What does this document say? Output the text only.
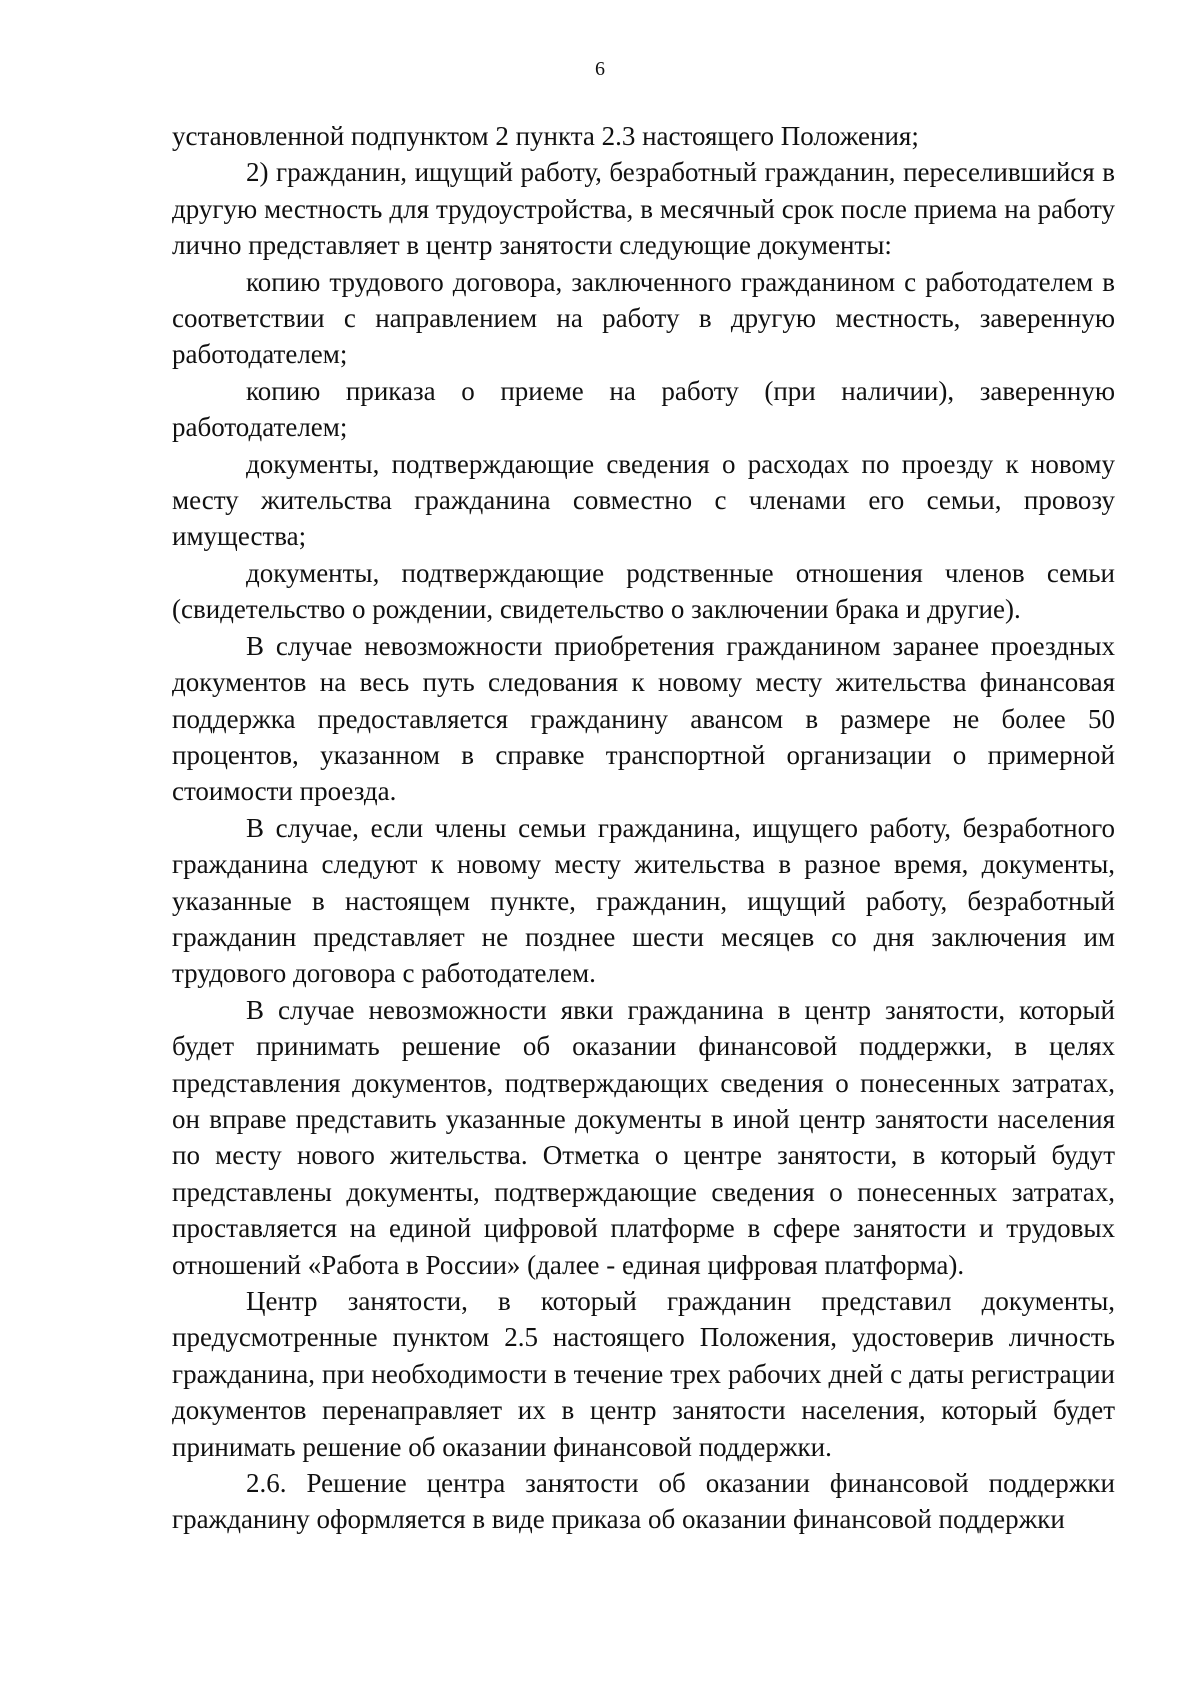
6

установленной подпунктом 2 пункта 2.3 настоящего Положения;

2) гражданин, ищущий работу, безработный гражданин, переселившийся в другую местность для трудоустройства, в месячный срок после приема на работу лично представляет в центр занятости следующие документы:

копию трудового договора, заключенного гражданином с работодателем в соответствии с направлением на работу в другую местность, заверенную работодателем;

копию приказа о приеме на работу (при наличии), заверенную работодателем;

документы, подтверждающие сведения о расходах по проезду к новому месту жительства гражданина совместно с членами его семьи, провозу имущества;

документы, подтверждающие родственные отношения членов семьи (свидетельство о рождении, свидетельство о заключении брака и другие).

В случае невозможности приобретения гражданином заранее проездных документов на весь путь следования к новому месту жительства финансовая поддержка предоставляется гражданину авансом в размере не более 50 процентов, указанном в справке транспортной организации о примерной стоимости проезда.

В случае, если члены семьи гражданина, ищущего работу, безработного гражданина следуют к новому месту жительства в разное время, документы, указанные в настоящем пункте, гражданин, ищущий работу, безработный гражданин представляет не позднее шести месяцев со дня заключения им трудового договора с работодателем.

В случае невозможности явки гражданина в центр занятости, который будет принимать решение об оказании финансовой поддержки, в целях представления документов, подтверждающих сведения о понесенных затратах, он вправе представить указанные документы в иной центр занятости населения по месту нового жительства. Отметка о центре занятости, в который будут представлены документы, подтверждающие сведения о понесенных затратах, проставляется на единой цифровой платформе в сфере занятости и трудовых отношений «Работа в России» (далее - единая цифровая платформа).

Центр занятости, в который гражданин представил документы, предусмотренные пунктом 2.5 настоящего Положения, удостоверив личность гражданина, при необходимости в течение трех рабочих дней с даты регистрации документов перенаправляет их в центр занятости населения, который будет принимать решение об оказании финансовой поддержки.

2.6. Решение центра занятости об оказании финансовой поддержки гражданину оформляется в виде приказа об оказании финансовой поддержки
